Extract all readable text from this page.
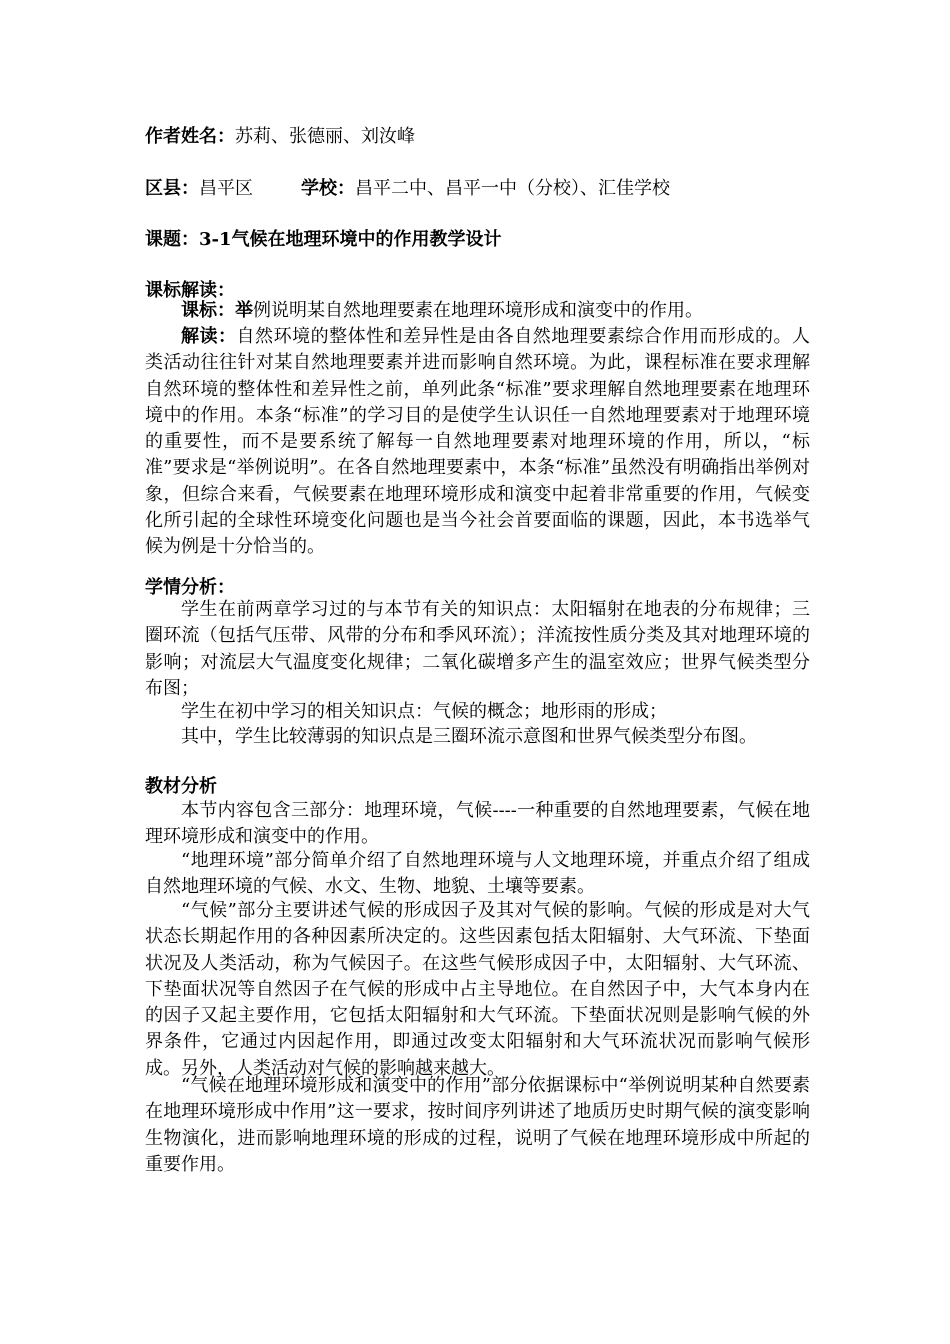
作者姓名：苏莉、张德丽、刘汝峰
区县：昌平区	学校：昌平二中、昌平一中（分校）、汇佳学校
课题：3-1气候在地理环境中的作用教学设计
课标解读：

课标：举例说明某自然地理要素在地理环境形成和演变中的作用。

解读：自然环境的整体性和差异性是由各自然地理要素综合作用而形成的。人类活动往往针对某自然地理要素并进而影响自然环境。为此，课程标准在要求理解自然环境的整体性和差异性之前，单列此条“标准”要求理解自然地理要素在地理环境中的作用。本条“标准”的学习目的是使学生认识任一自然地理要素对于地理环境的重要性，而不是要系统了解每一自然地理要素对地理环境的作用，所以，“标准”要求是“举例说明”。在各自然地理要素中，本条“标准”虽然没有明确指出举例对象，但综合来看，气候要素在地理环境形成和演变中起着非常重要的作用，气候变化所引起的全球性环境变化问题也是当今社会首要面临的课题，因此，本书选举气候为例是十分恰当的。

学情分析：

学生在前两章学习过的与本节有关的知识点：太阳辐射在地表的分布规律；三圈环流（包括气压带、风带的分布和季风环流）；洋流按性质分类及其对地理环境的影响；对流层大气温度变化规律；二氧化碳增多产生的温室效应；世界气候类型分布图；

学生在初中学习的相关知识点：气候的概念；地形雨的形成；

其中，学生比较薄弱的知识点是三圈环流示意图和世界气候类型分布图。

教材分析

本节内容包含三部分：地理环境，气候----一种重要的自然地理要素，气候在地理环境形成和演变中的作用。

“地理环境”部分简单介绍了自然地理环境与人文地理环境，并重点介绍了组成自然地理环境的气候、水文、生物、地貌、土壤等要素。

“气候”部分主要讲述气候的形成因子及其对气候的影响。气候的形成是对大气状态长期起作用的各种因素所决定的。这些因素包括太阳辐射、大气环流、下垫面状况及人类活动，称为气候因子。在这些气候形成因子中，太阳辐射、大气环流、下垫面状况等自然因子在气候的形成中占主导地位。在自然因子中，大气本身内在的因子又起主要作用，它包括太阳辐射和大气环流。下垫面状况则是影响气候的外界条件，它通过内因起作用，即通过改变太阳辐射和大气环流状况而影响气候形成。另外，人类活动对气候的影响越来越大。

“气候在地理环境形成和演变中的作用”部分依据课标中“举例说明某种自然要素在地理环境形成中作用”这一要求，按时间序列讲述了地质历史时期气候的演变影响生物演化，进而影响地理环境的形成的过程，说明了气候在地理环境形成中所起的重要作用。
